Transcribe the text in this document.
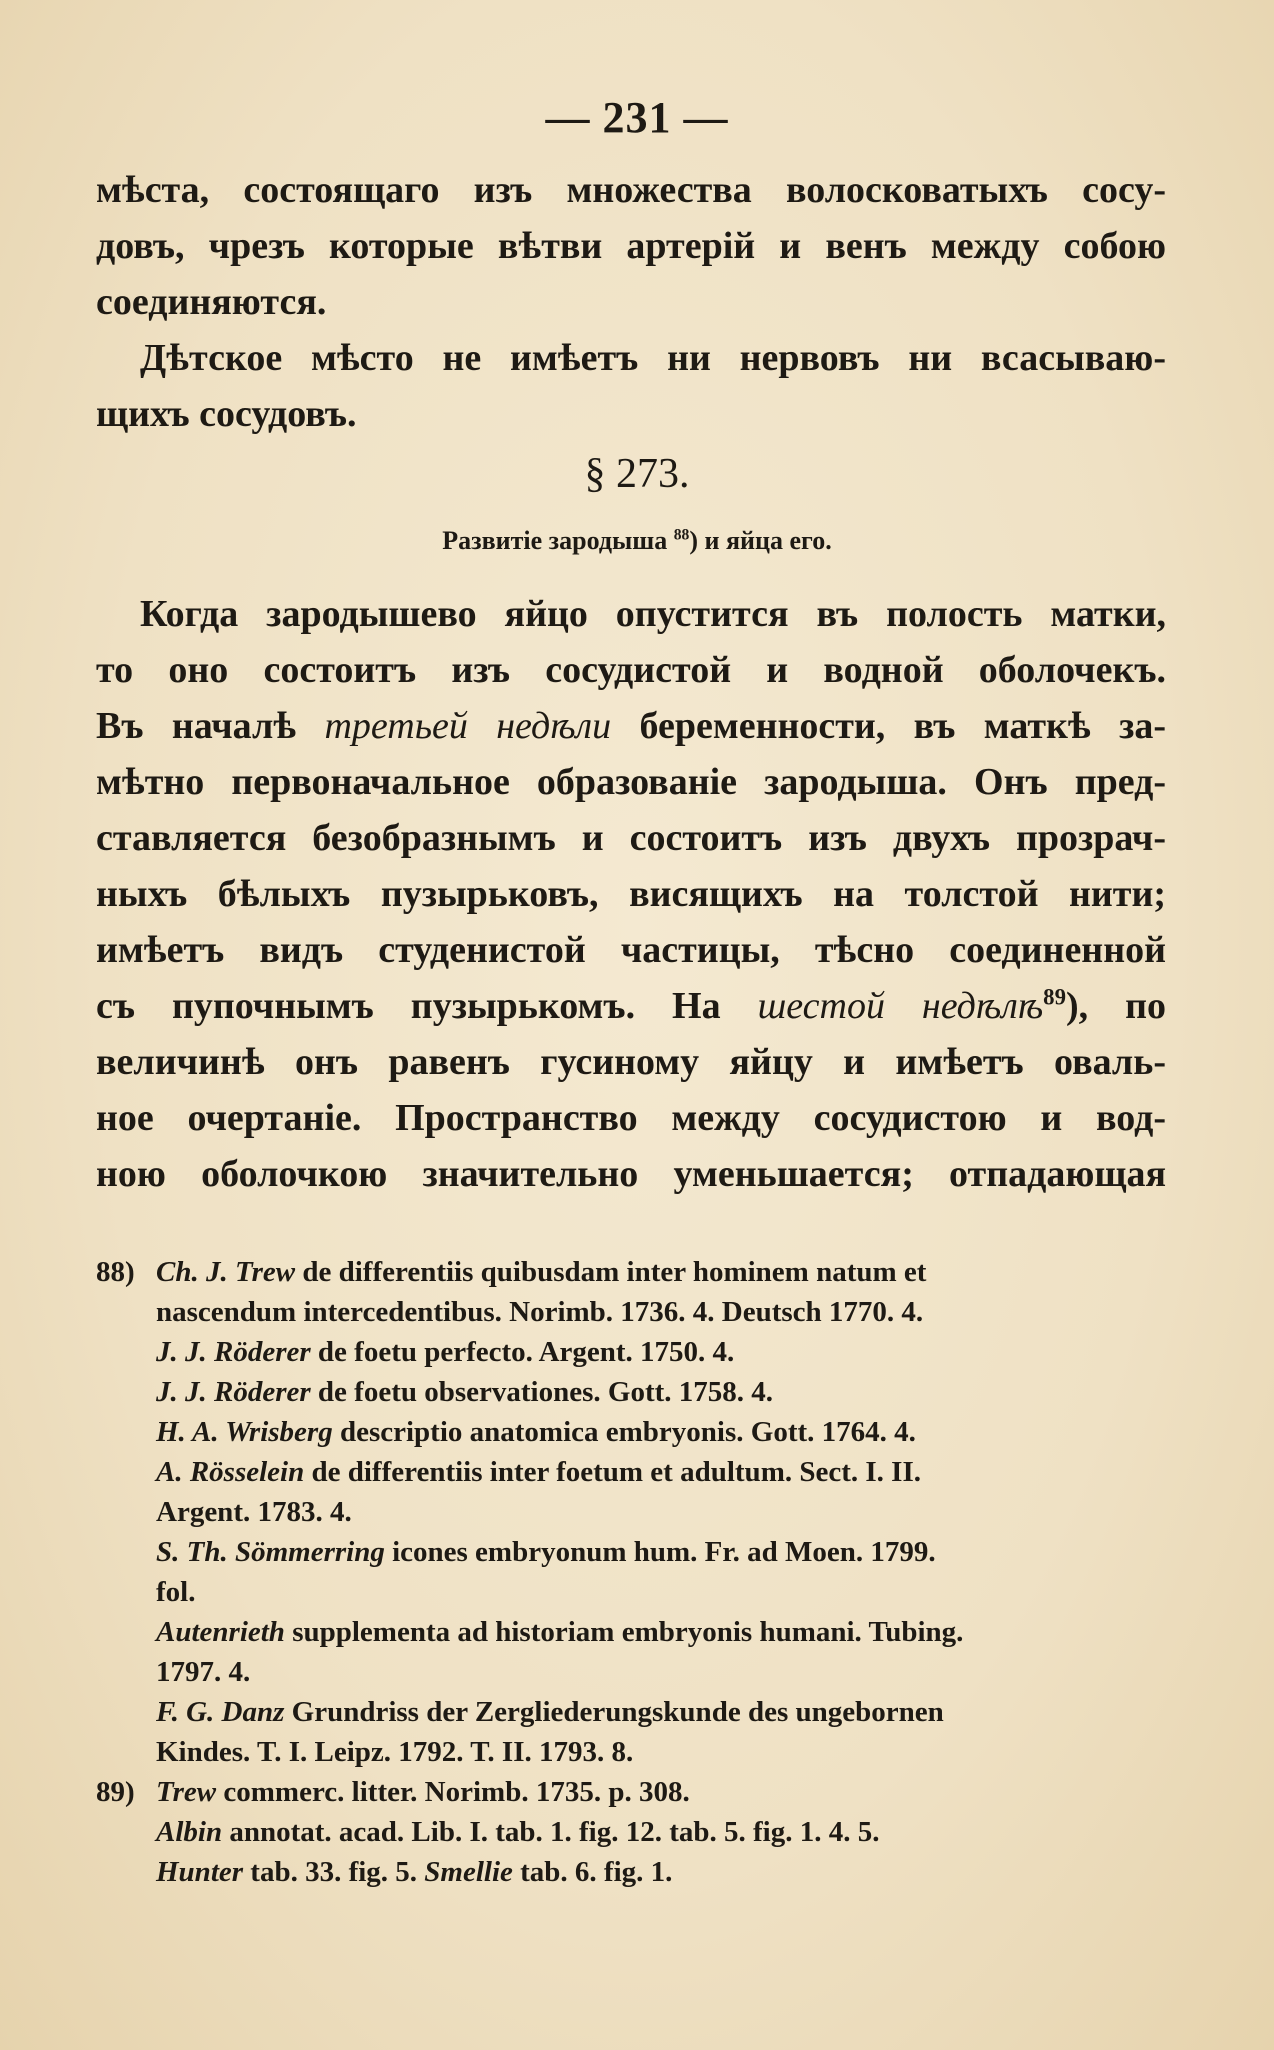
— 231 —
мѣста, состоящаго изъ множества волосковатыхъ сосу-
довъ, чрезъ которые вѣтви артерій и венъ между собою
соединяются.
Дѣтское мѣсто не имѣетъ ни нервовъ ни всасываю-
щихъ сосудовъ.
§ 273.
Развитіе зародыша $^{88}$) и яйца его.
Когда зародышево яйцо опустится въ полость матки,
то оно состоитъ изъ сосудистой и водной оболочекъ.
Въ началѣ третьей недѣли беременности, въ маткѣ за-
мѣтно первоначальное образованіе зародыша. Онъ пред-
ставляется безобразнымъ и состоитъ изъ двухъ прозрач-
ныхъ бѣлыхъ пузырьковъ, висящихъ на толстой нити;
имѣетъ видъ студенистой частицы, тѣсно соединенной
съ пупочнымъ пузырькомъ. На шестой недѣлѣ$^{89}$), по
величинѣ онъ равенъ гусиному яйцу и имѣетъ оваль-
ное очертаніе. Пространство между сосудистою и вод-
ною оболочкою значительно уменьшается; отпадающая
88) Ch. J. Trew de differentiis quibusdam inter hominem natum et
nascendum intercedentibus. Norimb. 1736. 4. Deutsch 1770. 4.
J. J. Röderer de foetu perfecto. Argent. 1750. 4.
J. J. Röderer de foetu observationes. Gott. 1758. 4.
H. A. Wrisberg descriptio anatomica embryonis. Gott. 1764. 4.
A. Rösselein de differentiis inter foetum et adultum. Sect. I. II.
Argent. 1783. 4.
S. Th. Sömmerring icones embryonum hum. Fr. ad Moen. 1799.
fol.
Autenrieth supplementa ad historiam embryonis humani. Tubing.
1797. 4.
F. G. Danz Grundriss der Zergliederungskunde des ungebornen
Kindes. T. I. Leipz. 1792. T. II. 1793. 8.
89) Trew commerc. litter. Norimb. 1735. p. 308.
Albin annotat. acad. Lib. I. tab. 1. fig. 12. tab. 5. fig. 1. 4. 5.
Hunter tab. 33. fig. 5. Smellie tab. 6. fig. 1.
